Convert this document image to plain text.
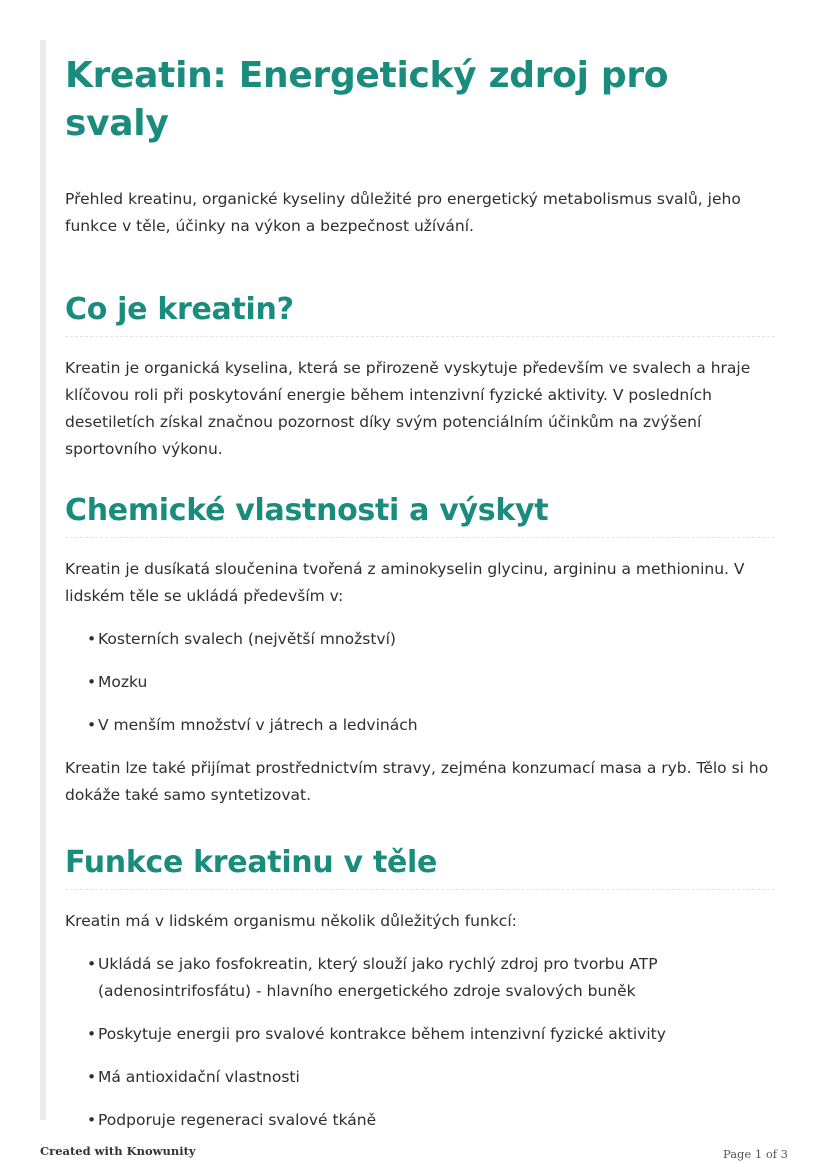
Kreatin: Energetický zdroj pro svaly

Přehled kreatinu, organické kyseliny důležité pro energetický metabolismus svalů, jeho funkce v těle, účinky na výkon a bezpečnost užívání.

Co je kreatin?

Kreatin je organická kyselina, která se přirozeně vyskytuje především ve svalech a hraje klíčovou roli při poskytování energie během intenzivní fyzické aktivity. V posledních desetiletích získal značnou pozornost díky svým potenciálním účinkům na zvýšení sportovního výkonu.

Chemické vlastnosti a výskyt

Kreatin je dusíkatá sloučenina tvořená z aminokyselin glycinu, argininu a methioninu. V lidském těle se ukládá především v:

• Kosterních svalech (největší množství)
• Mozku
• V menším množství v játrech a ledvinách

Kreatin lze také přijímat prostřednictvím stravy, zejména konzumací masa a ryb. Tělo si ho dokáže také samo syntetizovat.

Funkce kreatinu v těle

Kreatin má v lidském organismu několik důležitých funkcí:

• Ukládá se jako fosfokreatin, který slouží jako rychlý zdroj pro tvorbu ATP (adenosintrifosfátu) - hlavního energetického zdroje svalových buněk
• Poskytuje energii pro svalové kontrakce během intenzivní fyzické aktivity
• Má antioxidační vlastnosti
• Podporuje regeneraci svalové tkáně
Created with Knowunity	Page 1 of 3
